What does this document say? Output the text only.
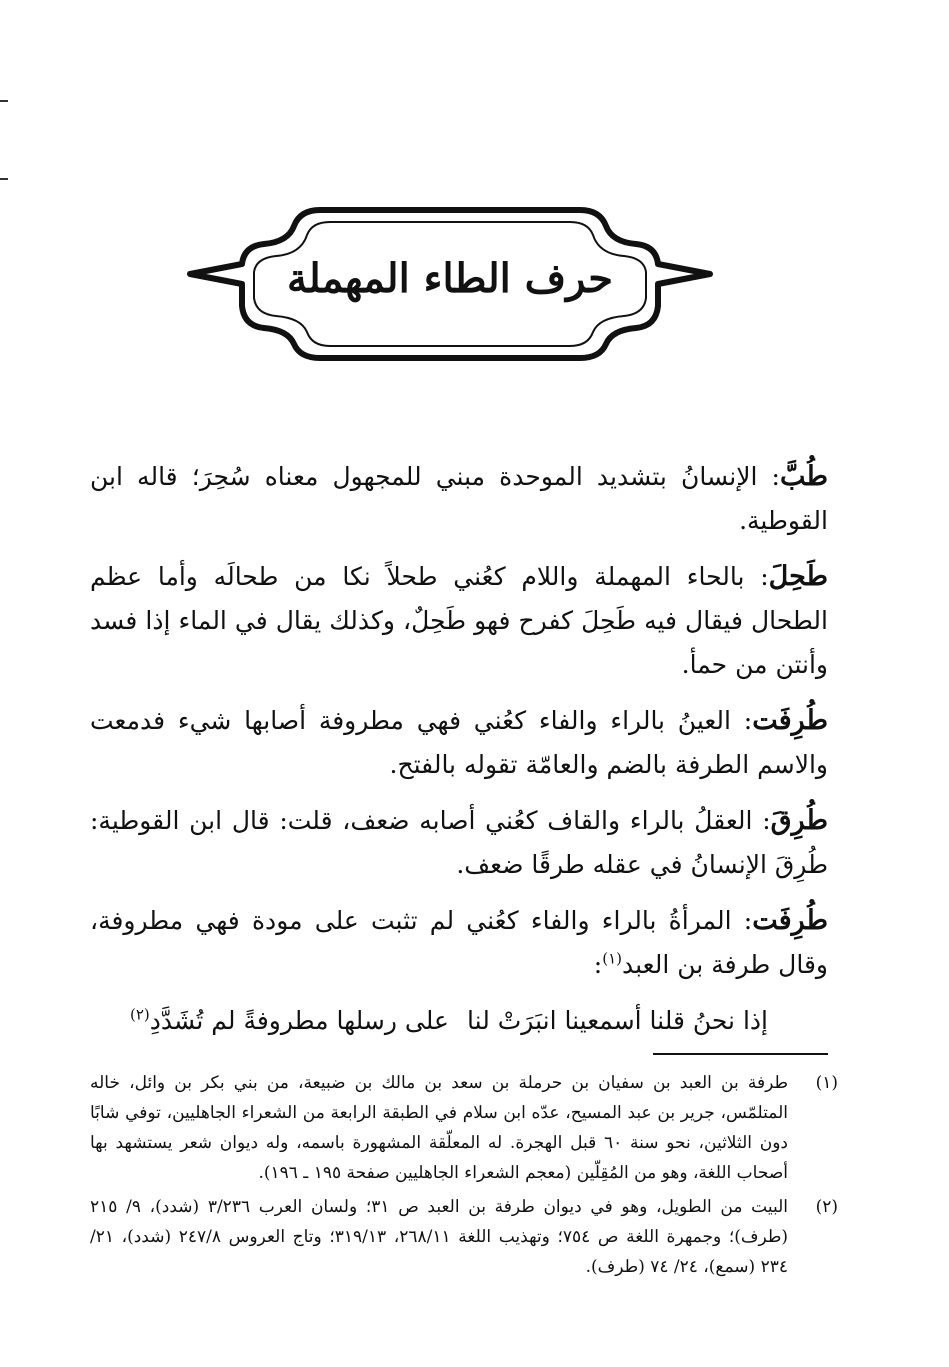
حرف الطاء المهملة

طُبَّ: الإنسانُ بتشديد الموحدة مبني للمجهول معناه سُحِرَ؛ قاله ابن القوطية.

طَحِلَ: بالحاء المهملة واللام كعُني طحلاً نكا من طحالَه وأما عظم الطحال فيقال فيه طَحِلَ كفرح فهو طَحِلٌ، وكذلك يقال في الماء إذا فسد وأنتن من حمأ.

طُرِفَت: العينُ بالراء والفاء كعُني فهي مطروفة أصابها شيء فدمعت والاسم الطرفة بالضم والعامّة تقوله بالفتح.

طُرِقَ: العقلُ بالراء والقاف كعُني أصابه ضعف، قلت: قال ابن القوطية: طُرِقَ الإنسانُ في عقله طرقًا ضعف.

طُرِفَت: المرأةُ بالراء والفاء كعُني لم تثبت على مودة فهي مطروفة، وقال طرفة بن العبد$^{(١)}$:

إذا نحنُ قلنا أسمعينا انبَرَتْ لنا
على رسلها مطروفةً لم تُشَدَّدِ$^{(٢)}$
(١)
طرفة بن العبد بن سفيان بن حرملة بن سعد بن مالك بن ضبيعة، من بني بكر بن وائل، خاله المتلمّس، جرير بن عبد المسيح، عدّه ابن سلام في الطبقة الرابعة من الشعراء الجاهليين، توفي شابًا دون الثلاثين، نحو سنة ٦٠ قبل الهجرة. له المعلّقة المشهورة باسمه، وله ديوان شعر يستشهد بها أصحاب اللغة، وهو من المُقِلّين (معجم الشعراء الجاهليين صفحة ١٩٥ ـ ١٩٦).
(٢)
البيت من الطويل، وهو في ديوان طرفة بن العبد ص ٣١؛ ولسان العرب ٣/٢٣٦ (شدد)، ٩/ ٢١٥ (طرف)؛ وجمهرة اللغة ص ٧٥٤؛ وتهذيب اللغة ٢٦٨/١١، ٣١٩/١٣؛ وتاج العروس ٢٤٧/٨ (شدد)، ٢١/ ٢٣٤ (سمع)، ٢٤/ ٧٤ (طرف).
